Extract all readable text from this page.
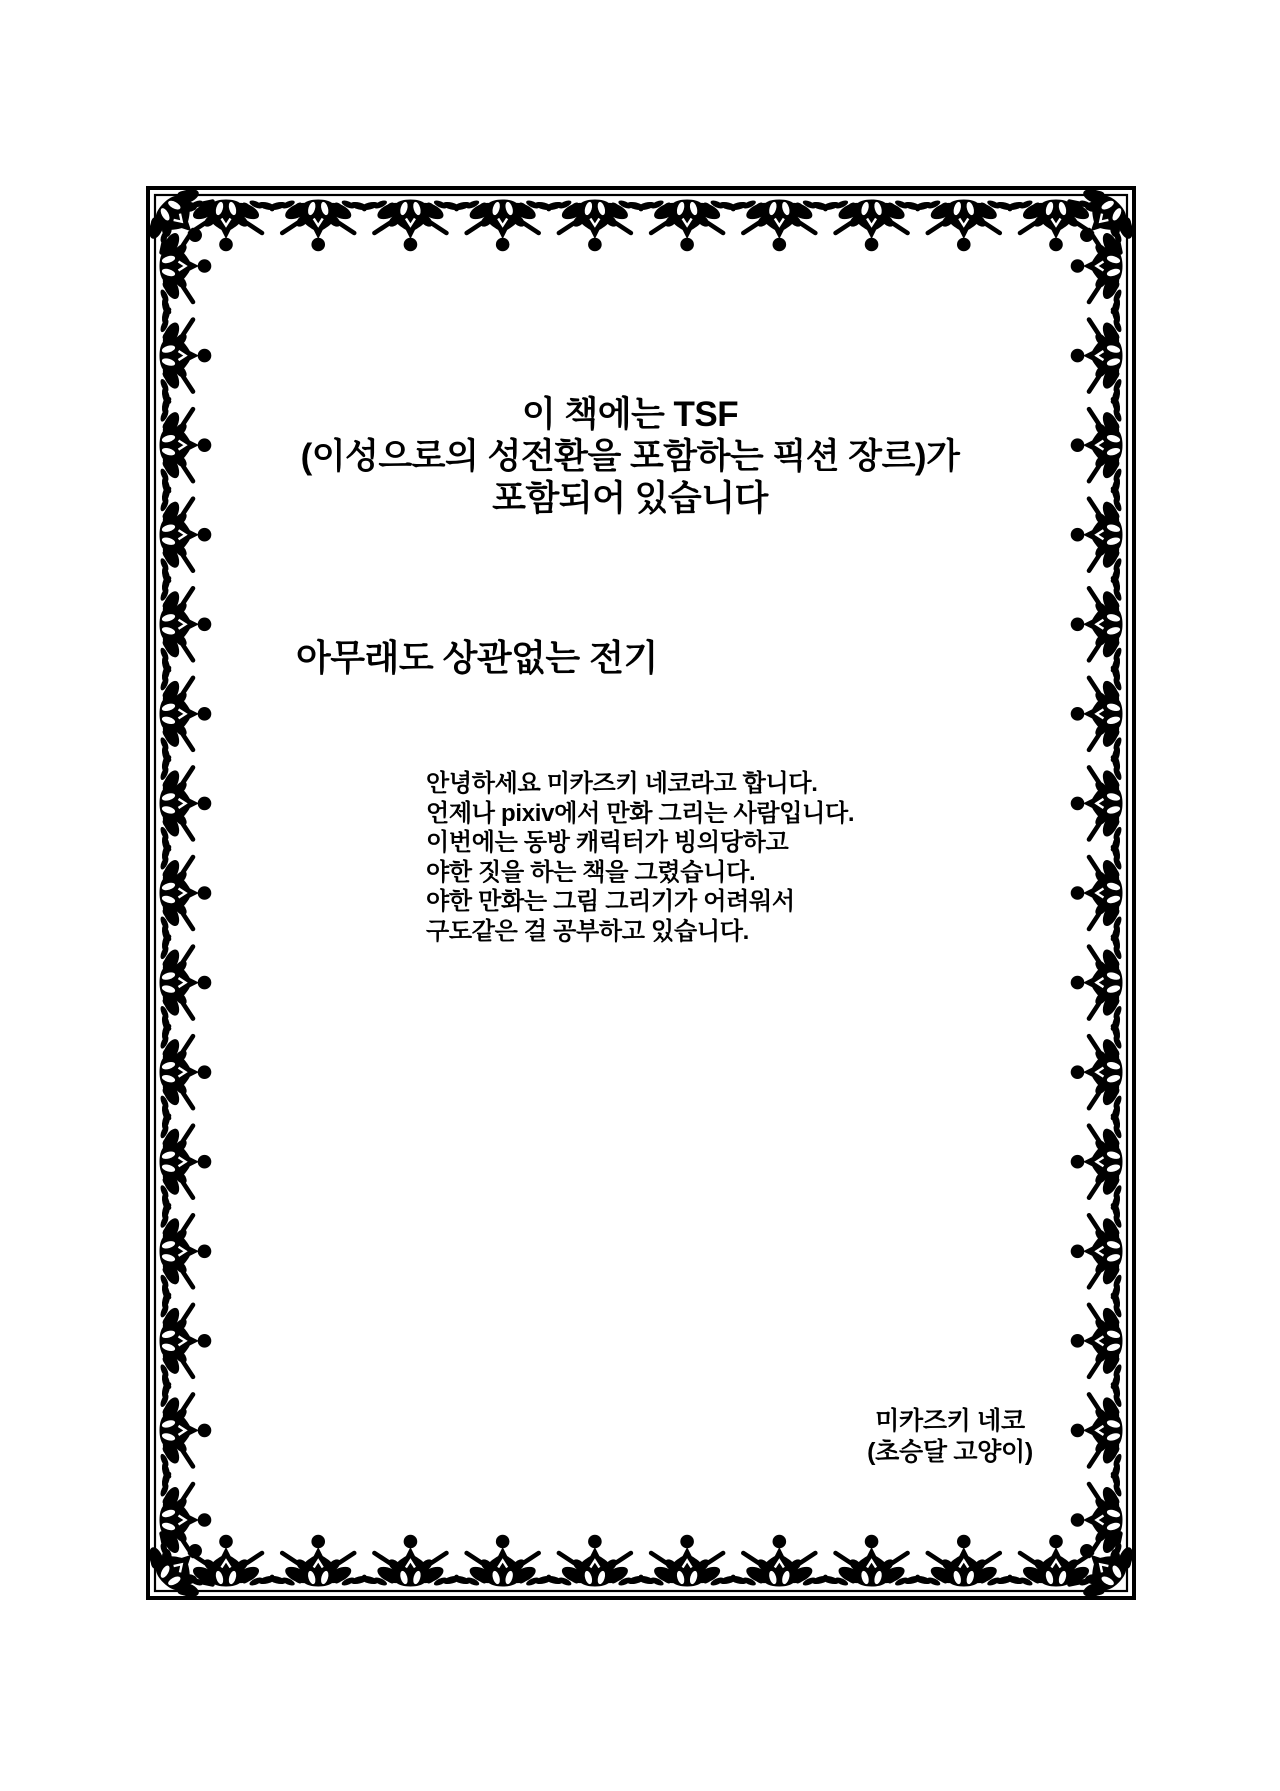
이 책에는 TSF
(이성으로의 성전환을 포함하는 픽션 장르)가
포함되어 있습니다
아무래도 상관없는 전기
안녕하세요 미카즈키 네코라고 합니다.
언제나 pixiv에서 만화 그리는 사람입니다.
이번에는 동방 캐릭터가 빙의당하고
야한 짓을 하는 책을 그렸습니다.
야한 만화는 그림 그리기가 어려워서
구도같은 걸 공부하고 있습니다.
미카즈키 네코
(초승달 고양이)
